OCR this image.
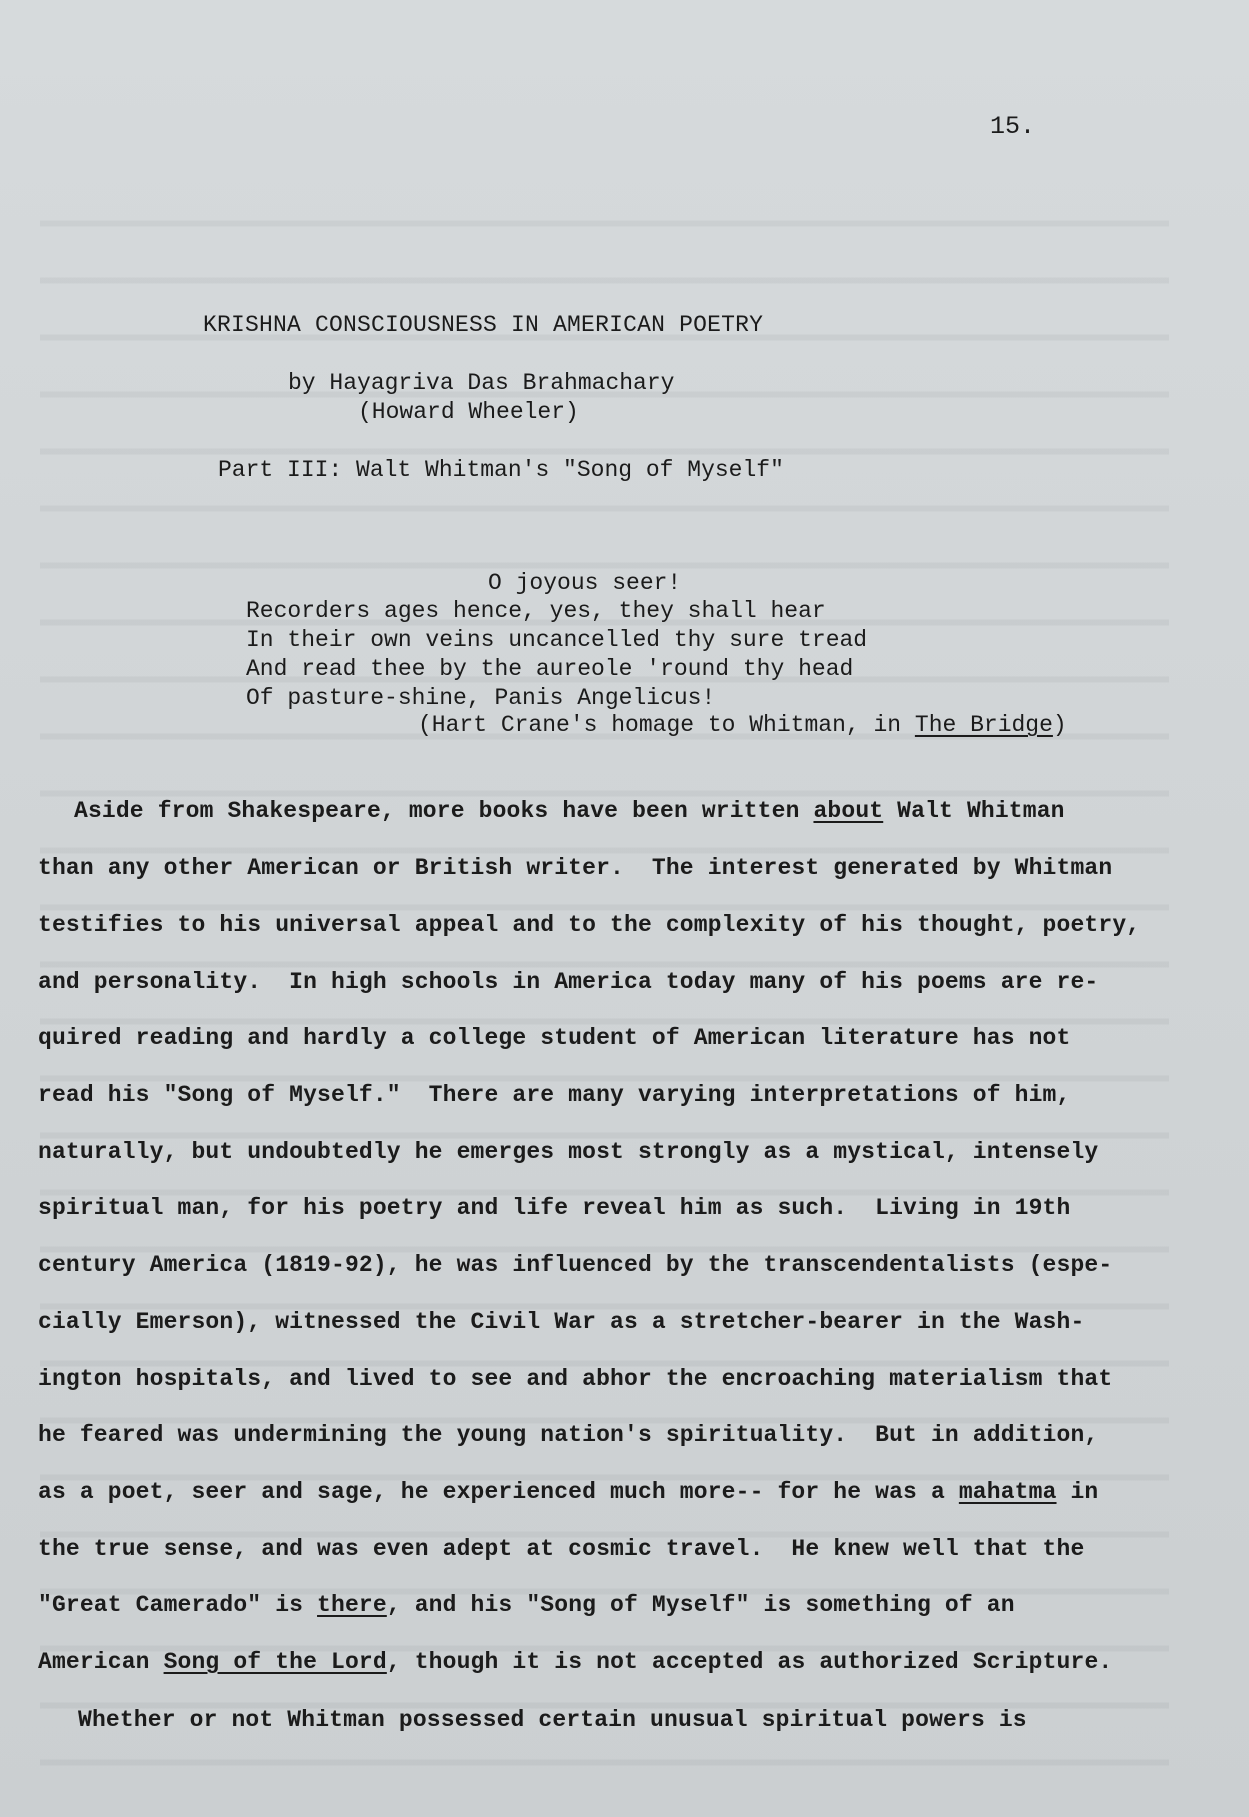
15.
KRISHNA CONSCIOUSNESS IN AMERICAN POETRY
by Hayagriva Das Brahmachary
(Howard Wheeler)
Part III: Walt Whitman's "Song of Myself"
O joyous seer!
Recorders ages hence, yes, they shall hear
In their own veins uncancelled thy sure tread
And read thee by the aureole 'round thy head
Of pasture-shine, Panis Angelicus!
(Hart Crane's homage to Whitman, in The Bridge)
Aside from Shakespeare, more books have been written about Walt Whitman
than any other American or British writer.  The interest generated by Whitman
testifies to his universal appeal and to the complexity of his thought, poetry,
and personality.  In high schools in America today many of his poems are re-
quired reading and hardly a college student of American literature has not
read his "Song of Myself."  There are many varying interpretations of him,
naturally, but undoubtedly he emerges most strongly as a mystical, intensely
spiritual man, for his poetry and life reveal him as such.  Living in 19th
century America (1819-92), he was influenced by the transcendentalists (espe-
cially Emerson), witnessed the Civil War as a stretcher-bearer in the Wash-
ington hospitals, and lived to see and abhor the encroaching materialism that
he feared was undermining the young nation's spirituality.  But in addition,
as a poet, seer and sage, he experienced much more-- for he was a mahatma in
the true sense, and was even adept at cosmic travel.  He knew well that the
"Great Camerado" is there, and his "Song of Myself" is something of an
American Song of the Lord, though it is not accepted as authorized Scripture.
Whether or not Whitman possessed certain unusual spiritual powers is
